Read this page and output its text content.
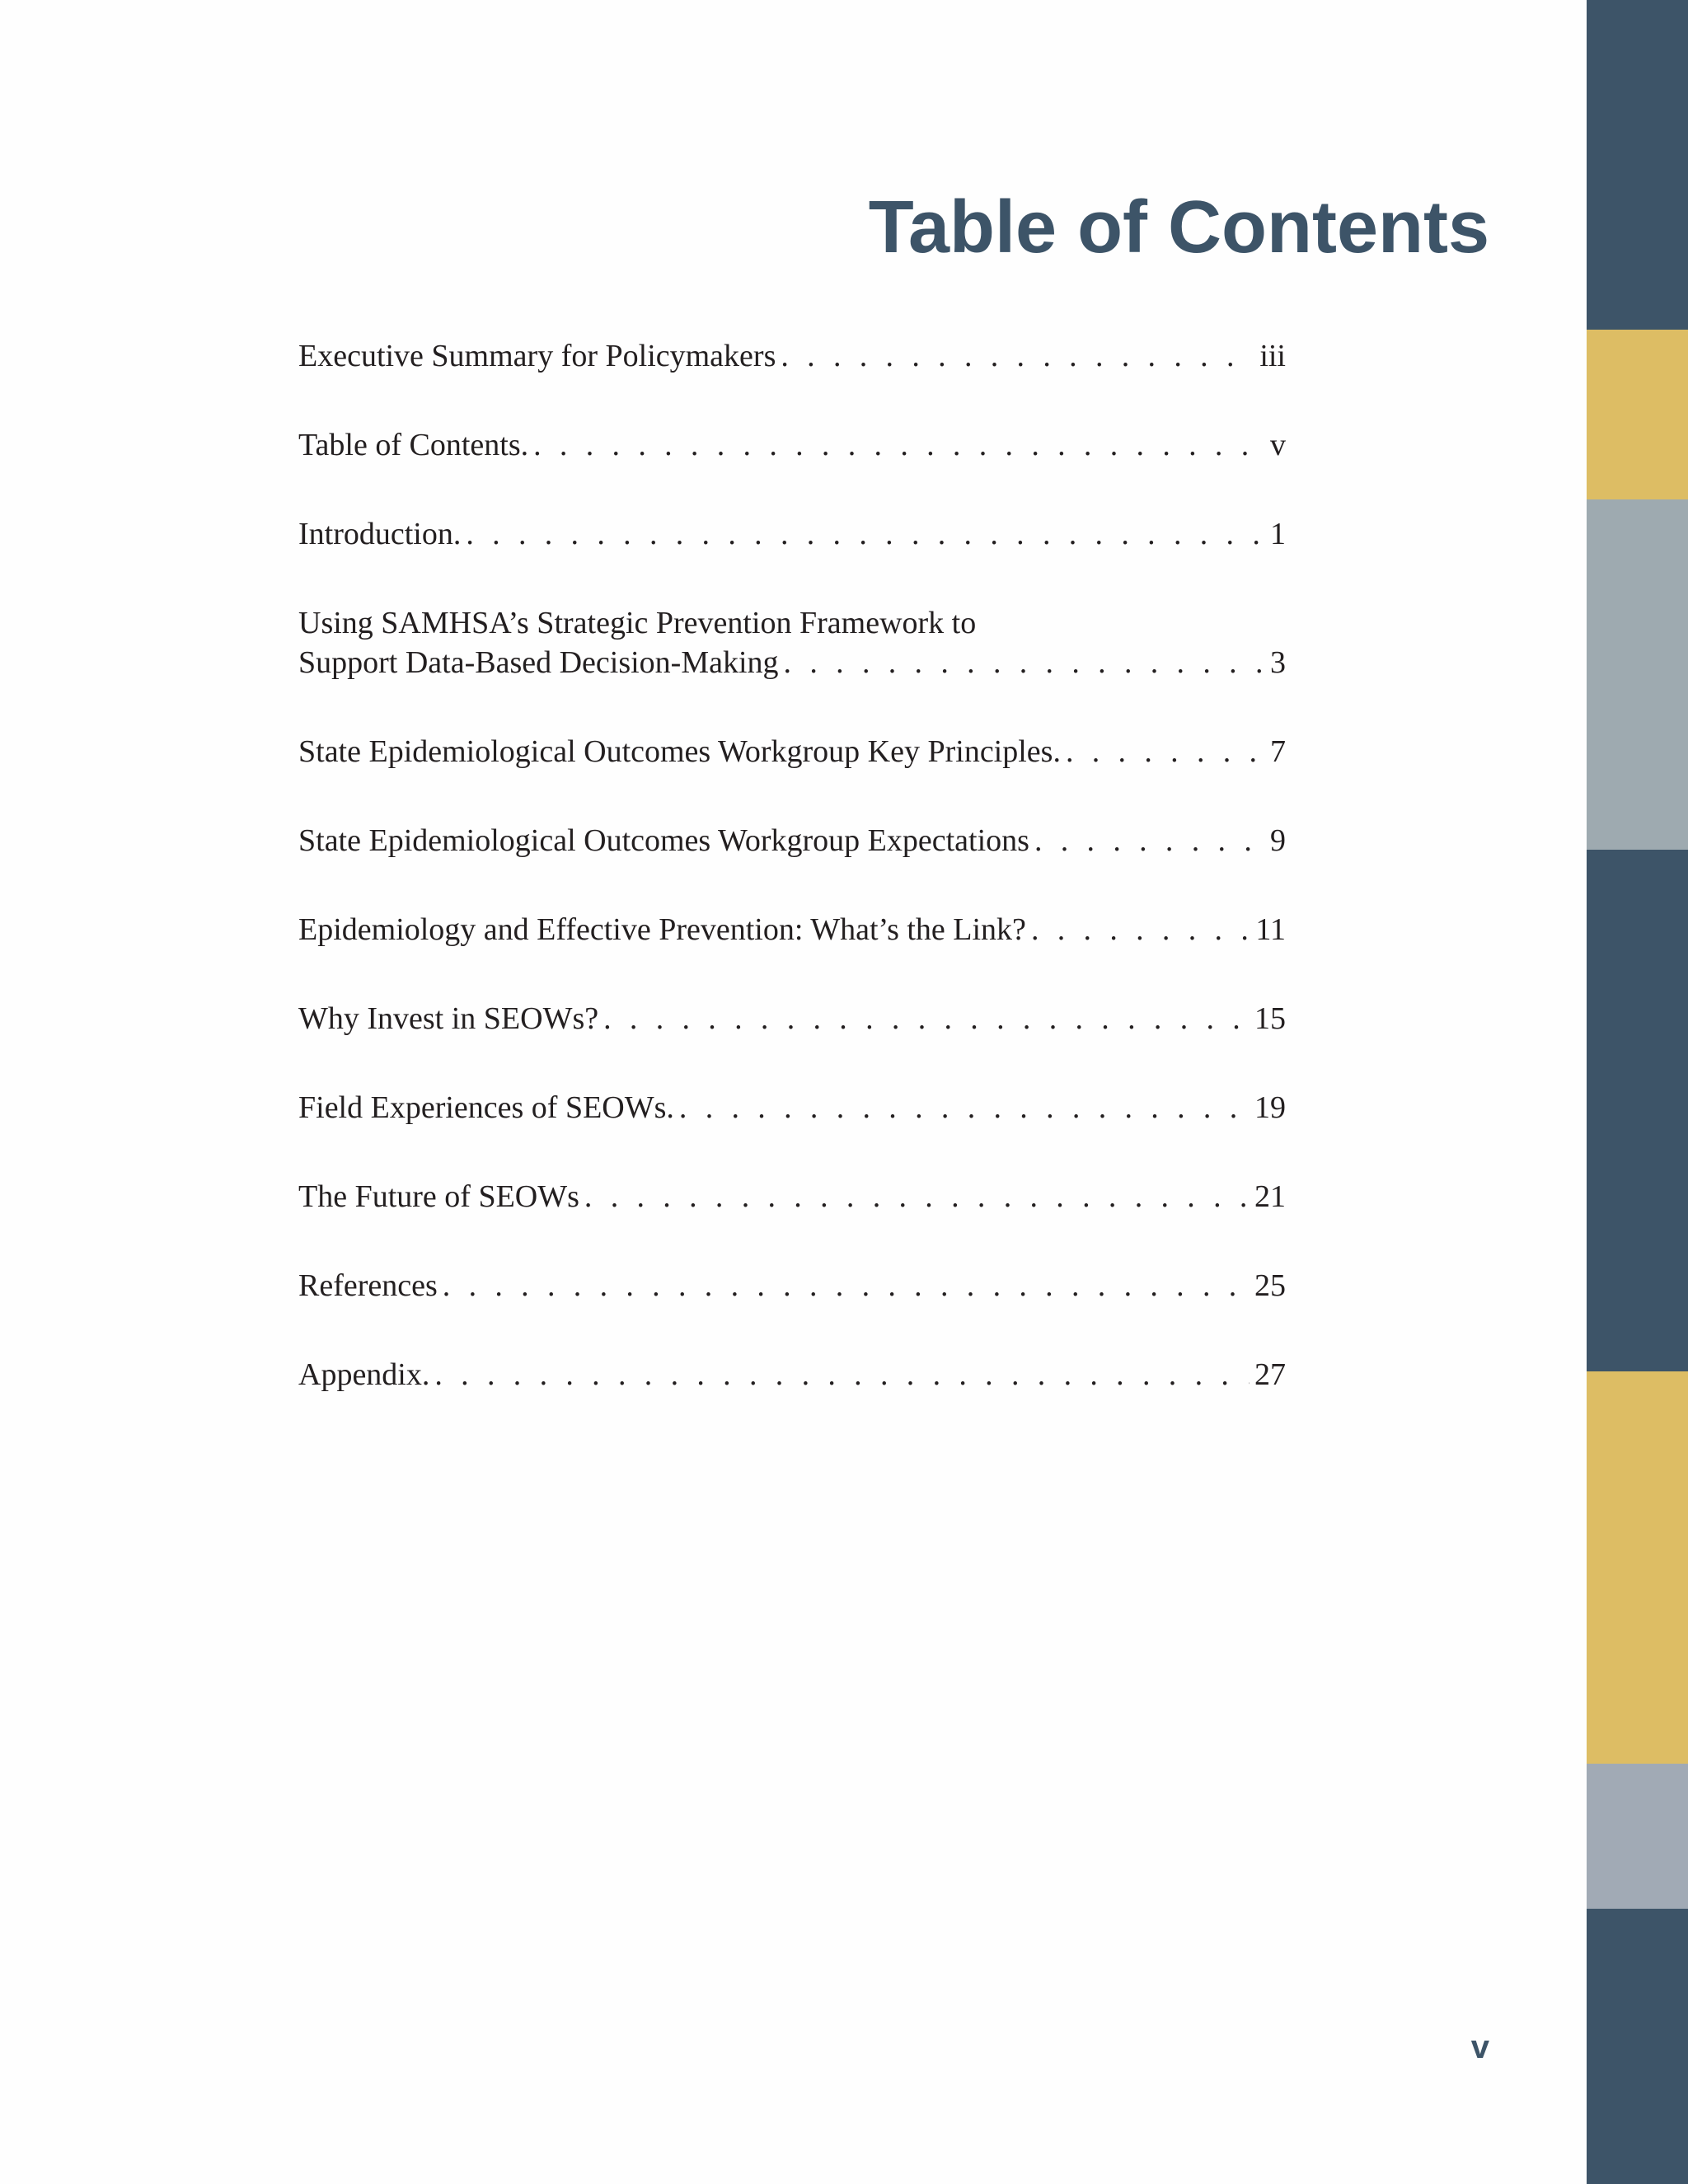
Table of Contents
Executive Summary for Policymakers . . .	iii
Table of Contents. . . .	v
Introduction. . . .	1
Using SAMHSA’s Strategic Prevention Framework to
Support Data-Based Decision-Making . . .	3
State Epidemiological Outcomes Workgroup Key Principles. . . .	7
State Epidemiological Outcomes Workgroup Expectations . . .	9
Epidemiology and Effective Prevention: What’s the Link? . . .	11
Why Invest in SEOWs? . . .	15
Field Experiences of SEOWs. . . .	19
The Future of SEOWs . . .	21
References . . .	25
Appendix. . . .	27
v
